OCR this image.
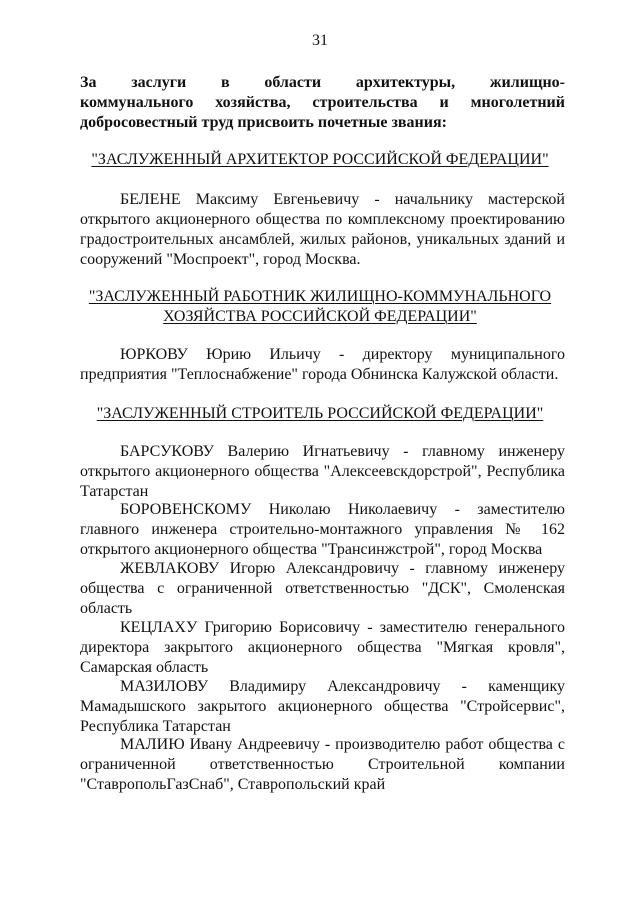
31
За заслуги в области архитектуры, жилищно-
коммунального хозяйства, строительства и многолетний
добросовестный труд присвоить почетные звания:
"ЗАСЛУЖЕННЫЙ АРХИТЕКТОР РОССИЙСКОЙ ФЕДЕРАЦИИ"
БЕЛЕНЕ Максиму Евгеньевичу - начальнику мастерской
открытого акционерного общества по комплексному проектированию
градостроительных ансамблей, жилых районов, уникальных зданий и
сооружений "Моспроект", город Москва.
"ЗАСЛУЖЕННЫЙ РАБОТНИК ЖИЛИЩНО-КОММУНАЛЬНОГО
ХОЗЯЙСТВА РОССИЙСКОЙ ФЕДЕРАЦИИ"
ЮРКОВУ Юрию Ильичу - директору муниципального
предприятия "Теплоснабжение" города Обнинска Калужской области.
"ЗАСЛУЖЕННЫЙ СТРОИТЕЛЬ РОССИЙСКОЙ ФЕДЕРАЦИИ"
БАРСУКОВУ Валерию Игнатьевичу - главному инженеру
открытого акционерного общества "Алексеевскдорстрой", Республика
Татарстан
БОРОВЕНСКОМУ Николаю Николаевичу - заместителю
главного инженера строительно-монтажного управления № 162
открытого акционерного общества "Трансинжстрой", город Москва
ЖЕВЛАКОВУ Игорю Александровичу - главному инженеру
общества с ограниченной ответственностью "ДСК", Смоленская
область
КЕЦЛАХУ Григорию Борисовичу - заместителю генерального
директора закрытого акционерного общества "Мягкая кровля",
Самарская область
МАЗИЛОВУ Владимиру Александровичу - каменщику
Мамадышского закрытого акционерного общества "Стройсервис",
Республика Татарстан
МАЛИЮ Ивану Андреевичу - производителю работ общества с
ограниченной ответственностью Строительной компании
"СтавропольГазСнаб", Ставропольский край
